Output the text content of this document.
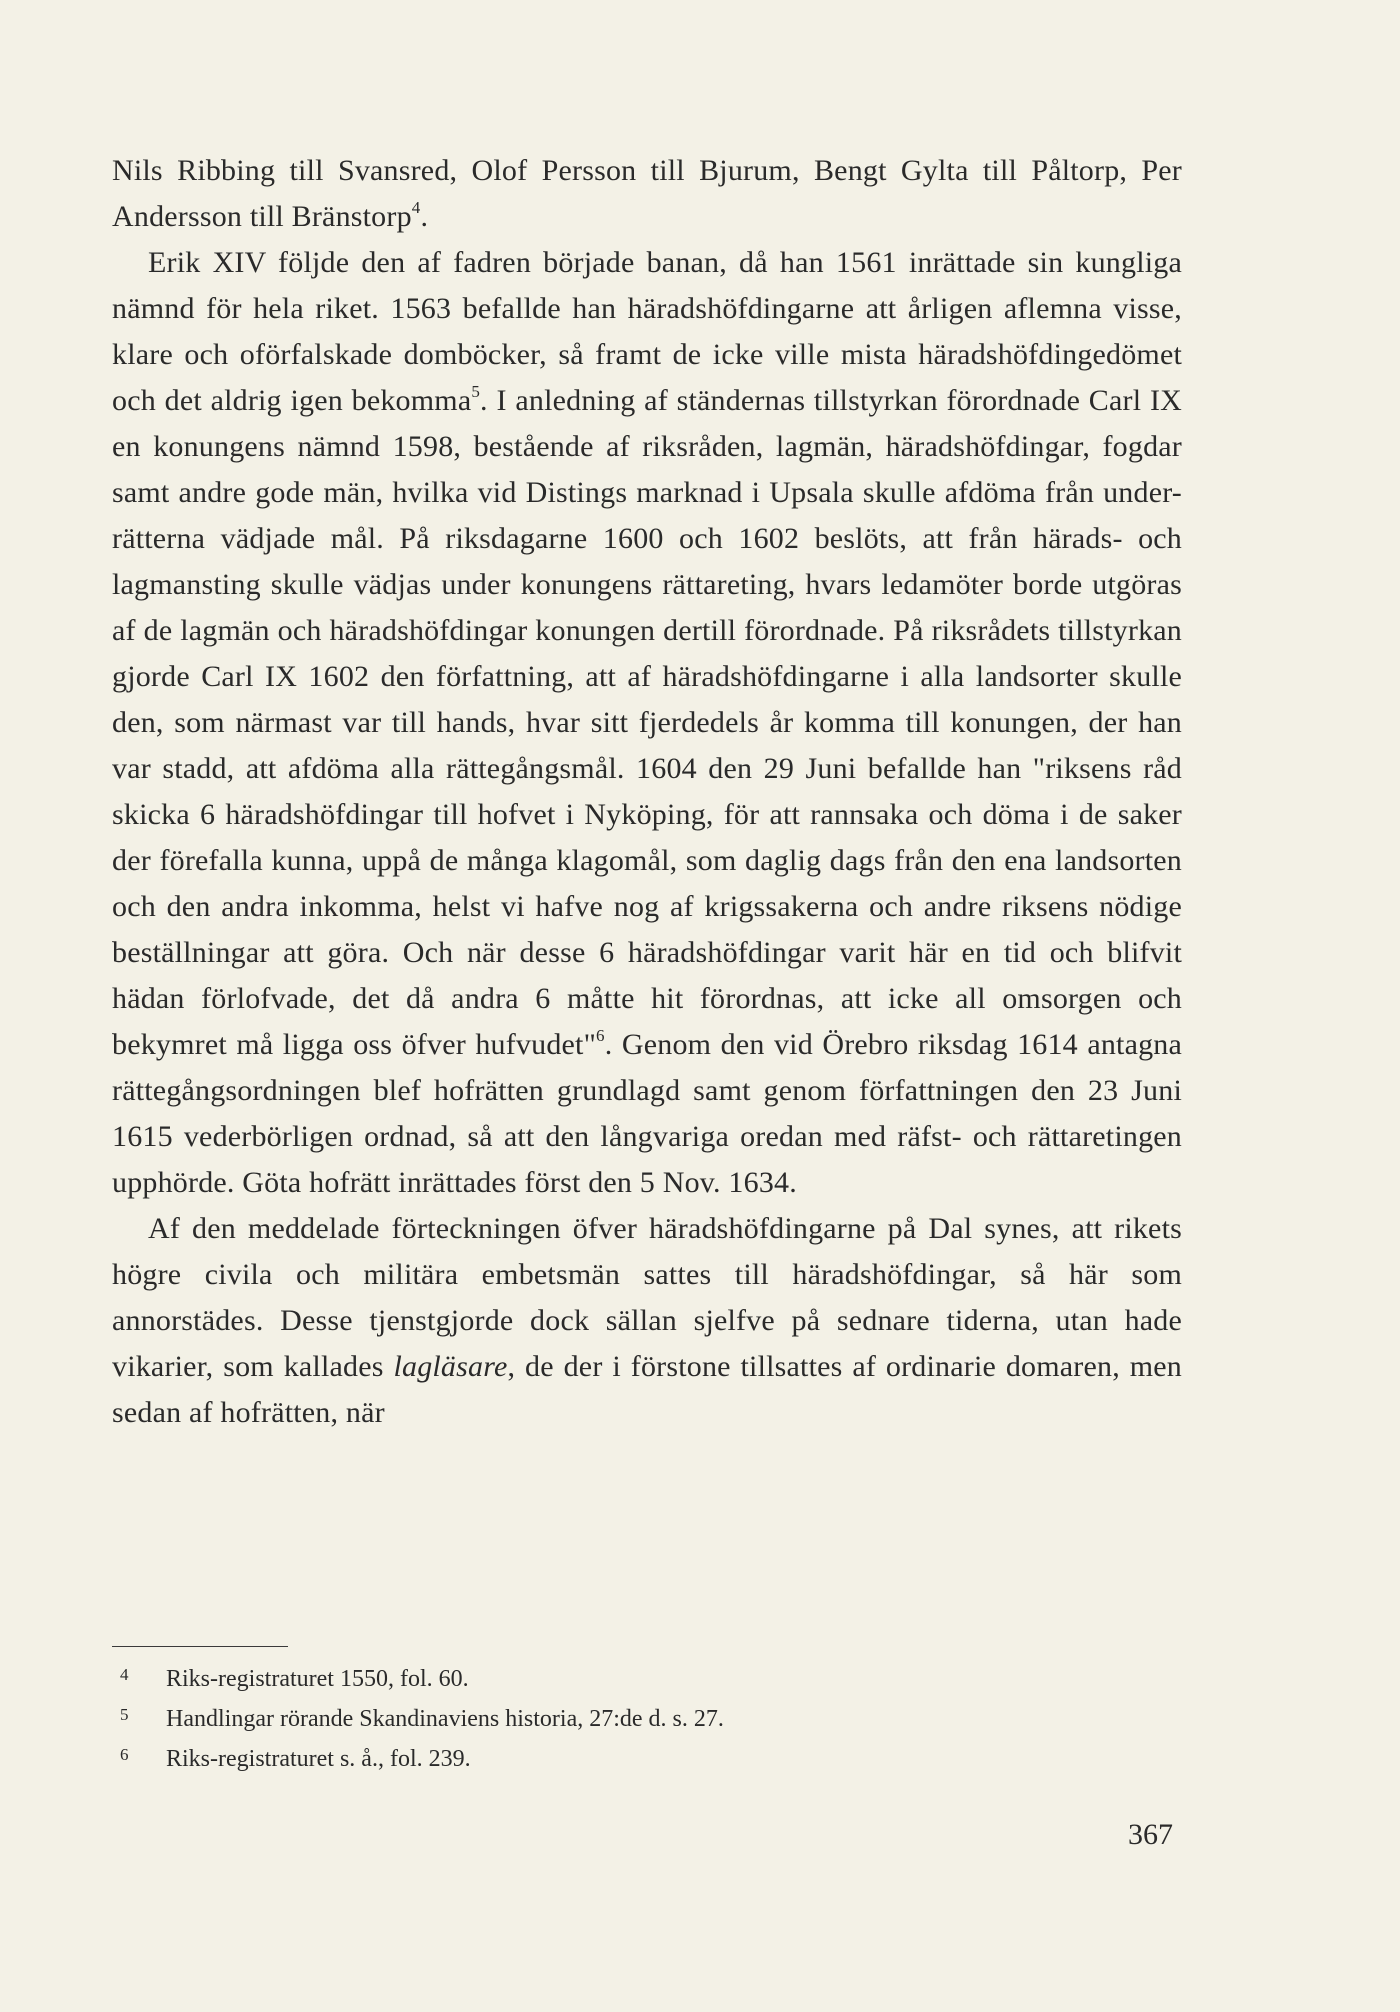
Nils Ribbing till Svansred, Olof Persson till Bjurum, Bengt Gylta till Påltorp, Per Andersson till Bränstorp$^4$.

Erik XIV följde den af fadren började banan, då han 1561 inrättade sin kungliga nämnd för hela riket. 1563 befallde han häradshöfdingarne att årligen aflemna visse, klare och oförfalskade domböcker, så framt de icke ville mista häradshöfdingedömet och det aldrig igen bekomma$^5$. I anledning af ständernas tillstyrkan förordnade Carl IX en konungens nämnd 1598, bestående af riksråden, lagmän, häradshöfdingar, fogdar samt andre gode män, hvilka vid Distings marknad i Upsala skulle afdöma från under-rätterna vädjade mål. På riksdagarne 1600 och 1602 beslöts, att från härads- och lagmansting skulle vädjas under konungens rättareting, hvars ledamöter borde utgöras af de lagmän och häradshöfdingar konungen dertill förordnade. På riksrådets tillstyrkan gjorde Carl IX 1602 den författning, att af häradshöfdingarne i alla landsorter skulle den, som närmast var till hands, hvar sitt fjerdedels år komma till konungen, der han var stadd, att afdöma alla rättegångsmål. 1604 den 29 Juni befallde han "riksens råd skicka 6 häradshöfdingar till hofvet i Nyköping, för att rannsaka och döma i de saker der förefalla kunna, uppå de många klagomål, som daglig dags från den ena landsorten och den andra inkomma, helst vi hafve nog af krigssakerna och andre riksens nödige beställningar att göra. Och när desse 6 häradshöfdingar varit här en tid och blifvit hädan förlofvade, det då andra 6 måtte hit förordnas, att icke all omsorgen och bekymret må ligga oss öfver hufvudet"$^6$. Genom den vid Örebro riksdag 1614 antagna rättegångsordningen blef hofrätten grundlagd samt genom författningen den 23 Juni 1615 vederbörligen ordnad, så att den långvariga oredan med räfst- och rättaretingen upphörde. Göta hofrätt inrättades först den 5 Nov. 1634.

Af den meddelade förteckningen öfver häradshöfdingarne på Dal synes, att rikets högre civila och militära embetsmän sattes till häradshöfdingar, så här som annorstädes. Desse tjenstgjorde dock sällan sjelfve på sednare tiderna, utan hade vikarier, som kallades lagläsare, de der i förstone tillsattes af ordinarie domaren, men sedan af hofrätten, när

4	Riks-registraturet 1550, fol. 60.
5	Handlingar rörande Skandinaviens historia, 27:de d. s. 27.
6	Riks-registraturet s. å., fol. 239.
367
